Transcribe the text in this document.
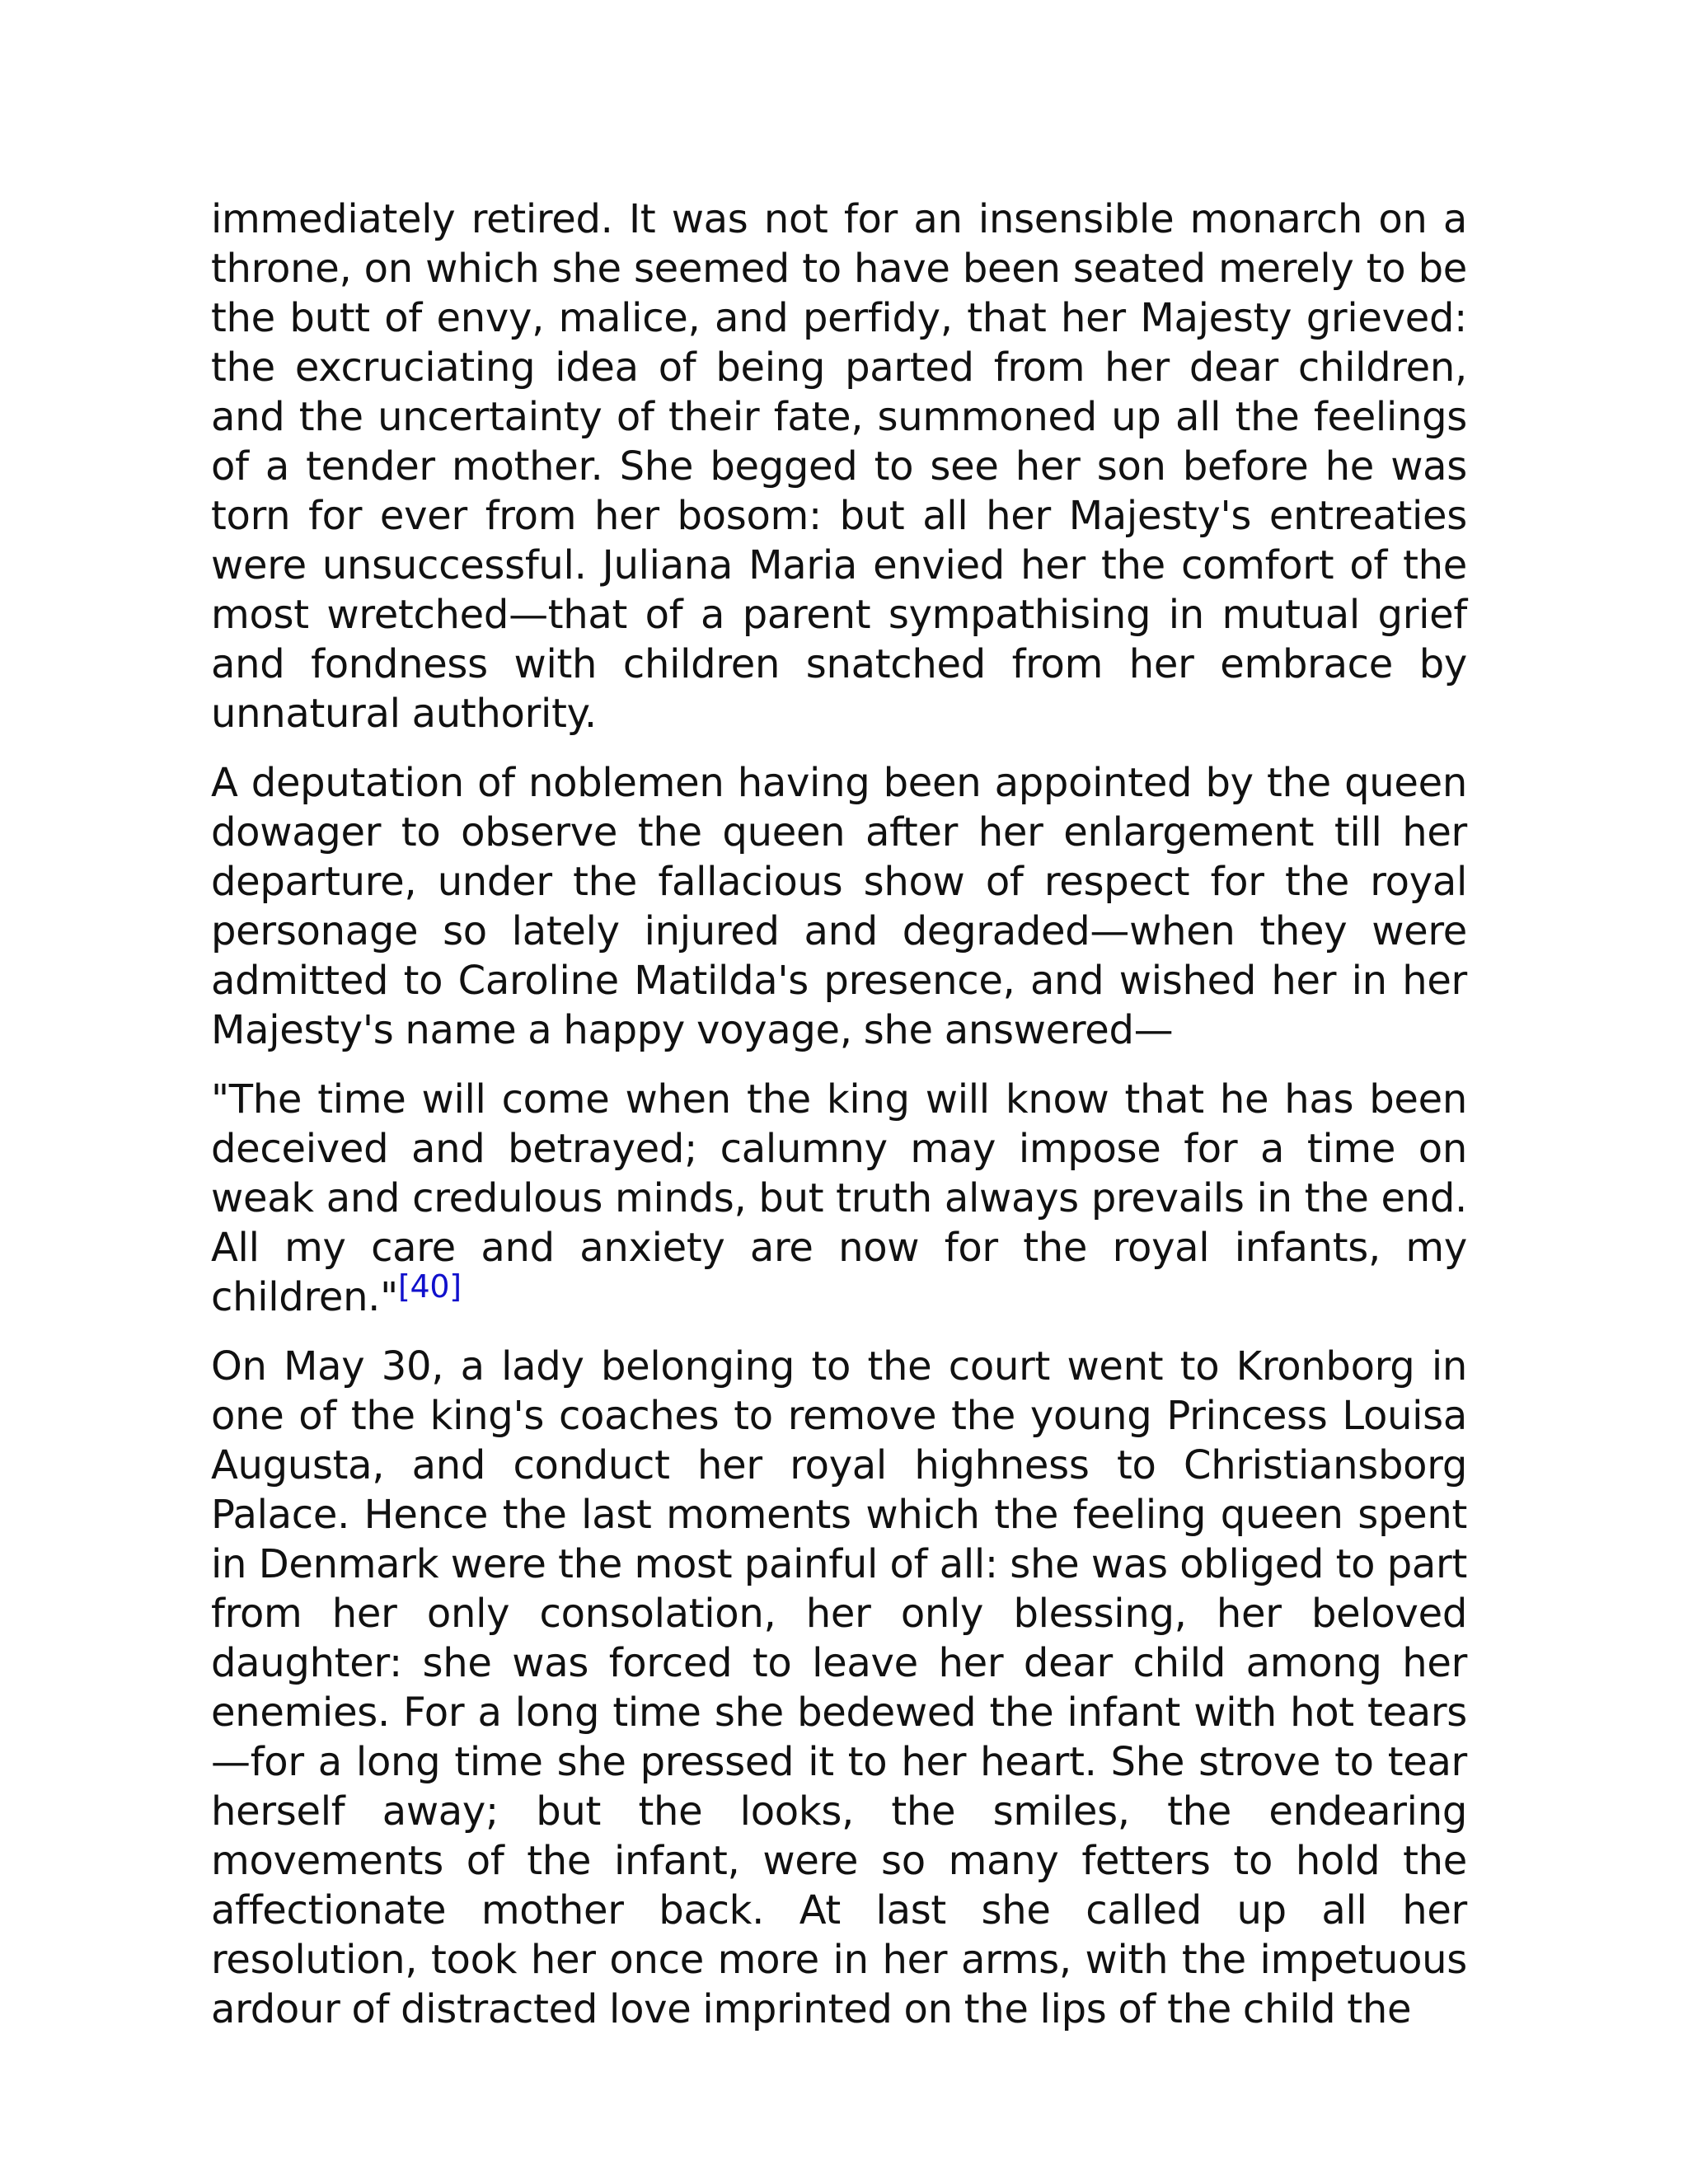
immediately retired. It was not for an insensible monarch on a throne, on which she seemed to have been seated merely to be the butt of envy, malice, and perfidy, that her Majesty grieved: the excruciating idea of being parted from her dear children, and the uncertainty of their fate, summoned up all the feelings of a tender mother. She begged to see her son before he was torn for ever from her bosom: but all her Majesty's entreaties were unsuccessful. Juliana Maria envied her the comfort of the most wretched—that of a parent sympathising in mutual grief and fondness with children snatched from her embrace by unnatural authority.

A deputation of noblemen having been appointed by the queen dowager to observe the queen after her enlargement till her departure, under the fallacious show of respect for the royal personage so lately injured and degraded—when they were admitted to Caroline Matilda's presence, and wished her in her Majesty's name a happy voyage, she answered—

"The time will come when the king will know that he has been deceived and betrayed; calumny may impose for a time on weak and credulous minds, but truth always prevails in the end. All my care and anxiety are now for the royal infants, my children."[40]

On May 30, a lady belonging to the court went to Kronborg in one of the king's coaches to remove the young Princess Louisa Augusta, and conduct her royal highness to Christiansborg Palace. Hence the last moments which the feeling queen spent in Denmark were the most painful of all: she was obliged to part from her only consolation, her only blessing, her beloved daughter: she was forced to leave her dear child among her enemies. For a long time she bedewed the infant with hot tears—for a long time she pressed it to her heart. She strove to tear herself away; but the looks, the smiles, the endearing movements of the infant, were so many fetters to hold the affectionate mother back. At last she called up all her resolution, took her once more in her arms, with the impetuous ardour of distracted love imprinted on the lips of the child the
